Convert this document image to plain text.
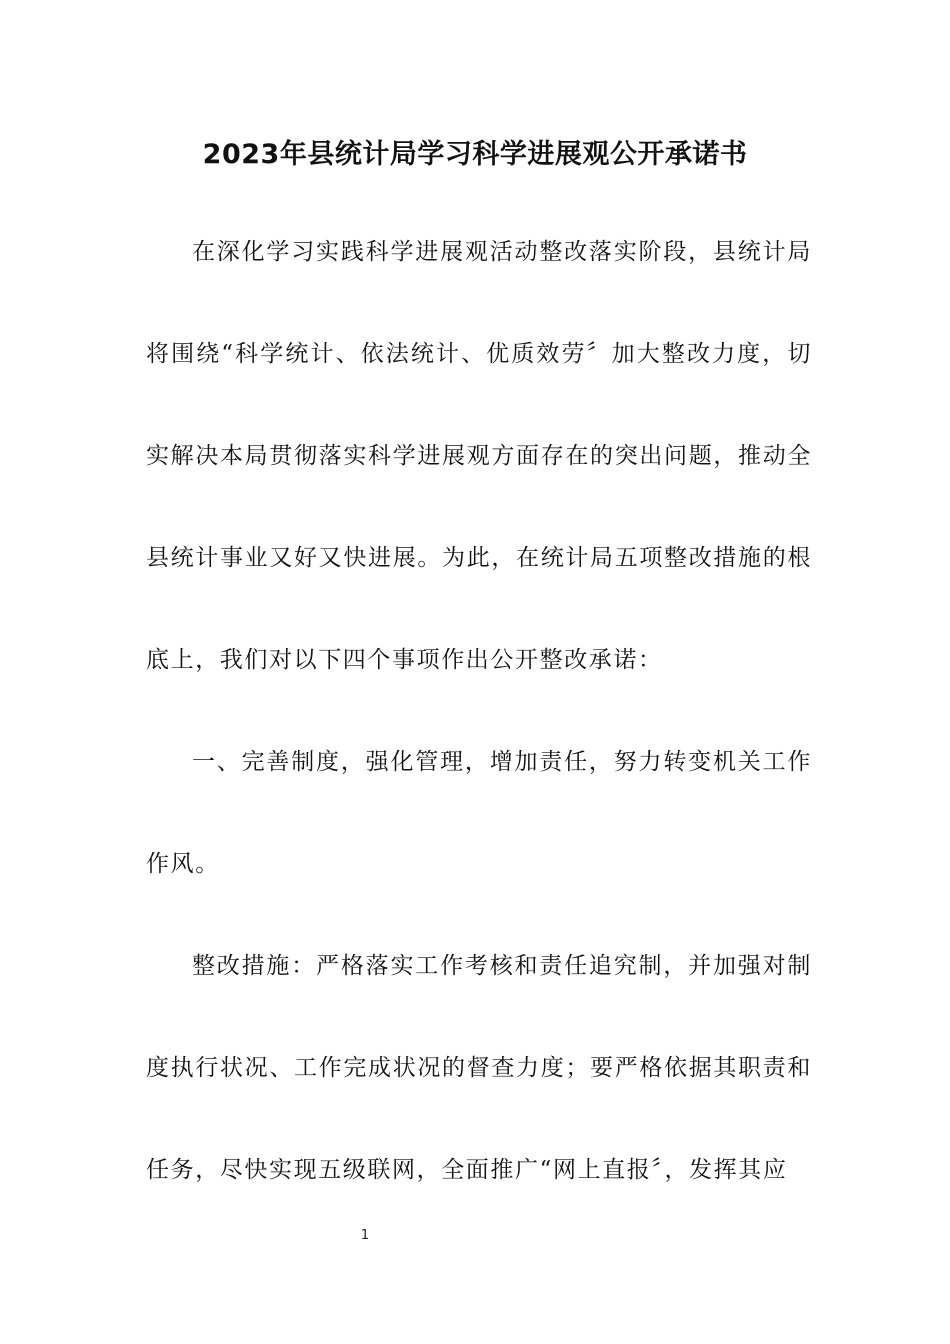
2023年县统计局学习科学进展观公开承诺书

在深化学习实践科学进展观活动整改落实阶段，县统计局将围绕“科学统计、依法统计、优质效劳〞加大整改力度，切实解决本局贯彻落实科学进展观方面存在的突出问题，推动全县统计事业又好又快进展。为此，在统计局五项整改措施的根底上，我们对以下四个事项作出公开整改承诺：

一、完善制度，强化管理，增加责任，努力转变机关工作作风。

整改措施：严格落实工作考核和责任追究制，并加强对制度执行状况、工作完成状况的督查力度；要严格依据其职责和任务，尽快实现五级联网，全面推广“网上直报〞，发挥其应

1
